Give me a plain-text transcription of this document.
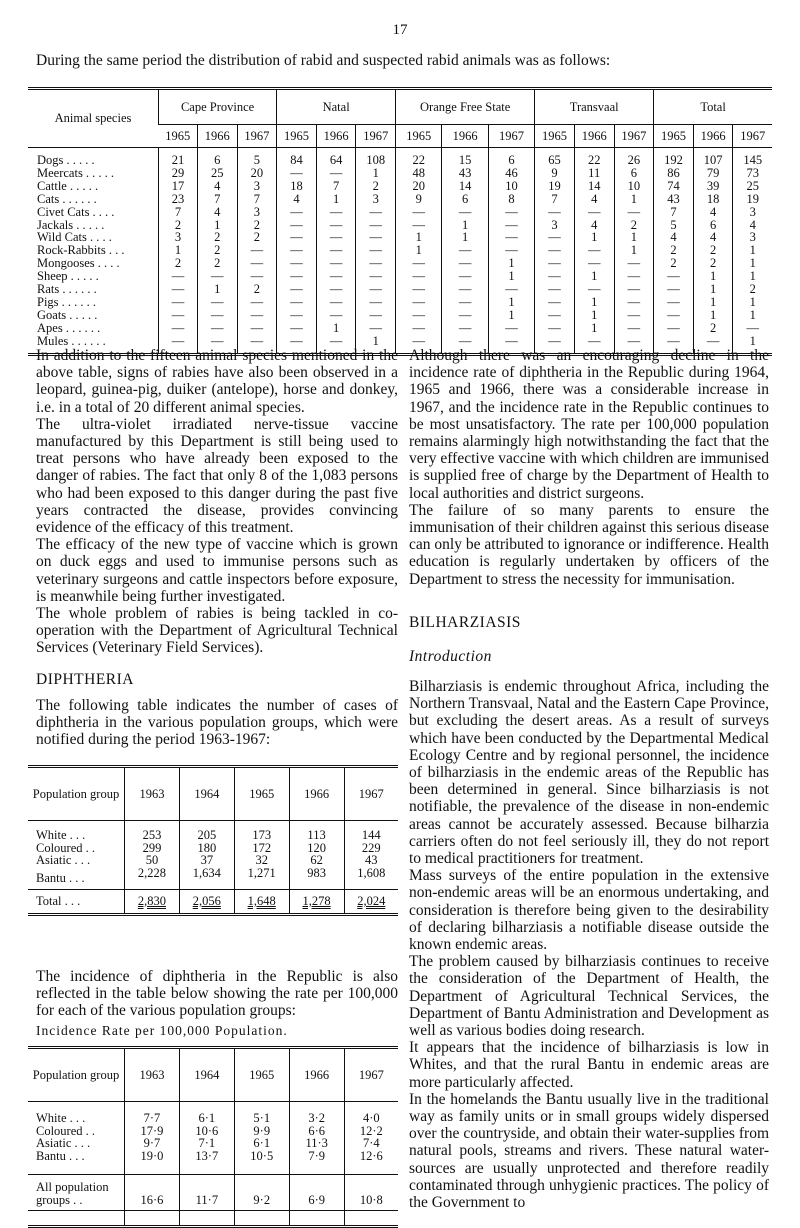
17
During the same period the distribution of rabid and suspected rabid animals was as follows:
Animal species	Cape Province			Natal			Orange Free State			Transvaal			Total		
	1965	1966	1967	1965	1966	1967	1965	1966	1967	1965	1966	1967	1965	1966	1967
Dogs . . . . .	21	6	5	84	64	108	22	15	6	65	22	26	192	107	145
Meercats . . . . .	29	25	20	—	—	1	48	43	46	9	11	6	86	79	73
Cattle . . . . .	17	4	3	18	7	2	20	14	10	19	14	10	74	39	25
Cats . . . . . .	23	7	7	4	1	3	9	6	8	7	4	1	43	18	19
Civet Cats . . . .	7	4	3	—	—	—	—	—	—	—	—	—	7	4	3
Jackals . . . . .	2	1	2	—	—	—	—	1	—	3	4	2	5	6	4
Wild Cats . . . .	3	2	2	—	—	—	1	1	—	—	1	1	4	4	3
Rock-Rabbits . . .	1	2	—	—	—	—	1	—	—	—	—	1	2	2	1
Mongooses . . . .	2	2	—	—	—	—	—	—	1	—	—	—	2	2	1
Sheep . . . . .	—	—	—	—	—	—	—	—	1	—	1	—	—	1	1
Rats . . . . . .	—	1	2	—	—	—	—	—	—	—	—	—	—	1	2
Pigs . . . . . .	—	—	—	—	—	—	—	—	1	—	1	—	—	1	1
Goats . . . . .	—	—	—	—	—	—	—	—	1	—	1	—	—	1	1
Apes . . . . . .	—	—	—	—	1	—	—	—	—	—	1	—	—	2	—
Mules . . . . . .	—	—	—	—	—	1	—	—	—	—	—	—	—	—	1

In addition to the fifteen animal species mentioned in the above table, signs of rabies have also been observed in a leopard, guinea-pig, duiker (antelope), horse and donkey, i.e. in a total of 20 different animal species.

The ultra-violet irradiated nerve-tissue vaccine manufactured by this Department is still being used to treat persons who have already been exposed to the danger of rabies. The fact that only 8 of the 1,083 persons who had been exposed to this danger during the past five years contracted the disease, provides convincing evidence of the efficacy of this treatment.

The efficacy of the new type of vaccine which is grown on duck eggs and used to immunise persons such as veterinary surgeons and cattle inspectors before exposure, is meanwhile being further investigated.

The whole problem of rabies is being tackled in co-operation with the Department of Agricultural Technical Services (Veterinary Field Services).

DIPHTHERIA

The following table indicates the number of cases of diphtheria in the various population groups, which were notified during the period 1963-1967:

Population group	1963	1964	1965	1966	1967
White . . .	253	205	173	113	144
Coloured . .	299	180	172	120	229
Asiatic . . .	50	37	32	62	43
Bantu . . .	2,228	1,634	1,271	983	1,608
Total . . .	2,830	2,056	1,648	1,278	2,024

The incidence of diphtheria in the Republic is also reflected in the table below showing the rate per 100,000 for each of the various population groups:

Incidence Rate per 100,000 Population.
Population group	1963	1964	1965	1966	1967
White . . .	7·7	6·1	5·1	3·2	4·0
Coloured . .	17·9	10·6	9·9	6·6	12·2
Asiatic . . .	9·7	7·1	6·1	11·3	7·4
Bantu . . .	19·0	13·7	10·5	7·9	12·6

All population
groups . .	16·6	11·7	9·2	6·9	10·8

Although there was an encouraging decline in the incidence rate of diphtheria in the Republic during 1964, 1965 and 1966, there was a considerable increase in 1967, and the incidence rate in the Republic continues to be most unsatisfactory. The rate per 100,000 population remains alarmingly high notwithstanding the fact that the very effective vaccine with which children are immunised is supplied free of charge by the Department of Health to local authorities and district surgeons.

The failure of so many parents to ensure the immunisation of their children against this serious disease can only be attributed to ignorance or indifference. Health education is regularly undertaken by officers of the Department to stress the necessity for immunisation.

BILHARZIASIS
Introduction

Bilharziasis is endemic throughout Africa, including the Northern Transvaal, Natal and the Eastern Cape Province, but excluding the desert areas. As a result of surveys which have been conducted by the Departmental Medical Ecology Centre and by regional personnel, the incidence of bilharziasis in the endemic areas of the Republic has been determined in general. Since bilharziasis is not notifiable, the prevalence of the disease in non-endemic areas cannot be accurately assessed. Because bilharzia carriers often do not feel seriously ill, they do not report to medical practitioners for treatment.

Mass surveys of the entire population in the extensive non-endemic areas will be an enormous undertaking, and consideration is therefore being given to the desirability of declaring bilharziasis a notifiable disease outside the known endemic areas.

The problem caused by bilharziasis continues to receive the consideration of the Department of Health, the Department of Agricultural Technical Services, the Department of Bantu Administration and Development as well as various bodies doing research.

It appears that the incidence of bilharziasis is low in Whites, and that the rural Bantu in endemic areas are more particularly affected.

In the homelands the Bantu usually live in the traditional way as family units or in small groups widely dispersed over the countryside, and obtain their water-supplies from natural pools, streams and rivers. These natural water-sources are usually unprotected and therefore readily contaminated through unhygienic practices. The policy of the Government to
